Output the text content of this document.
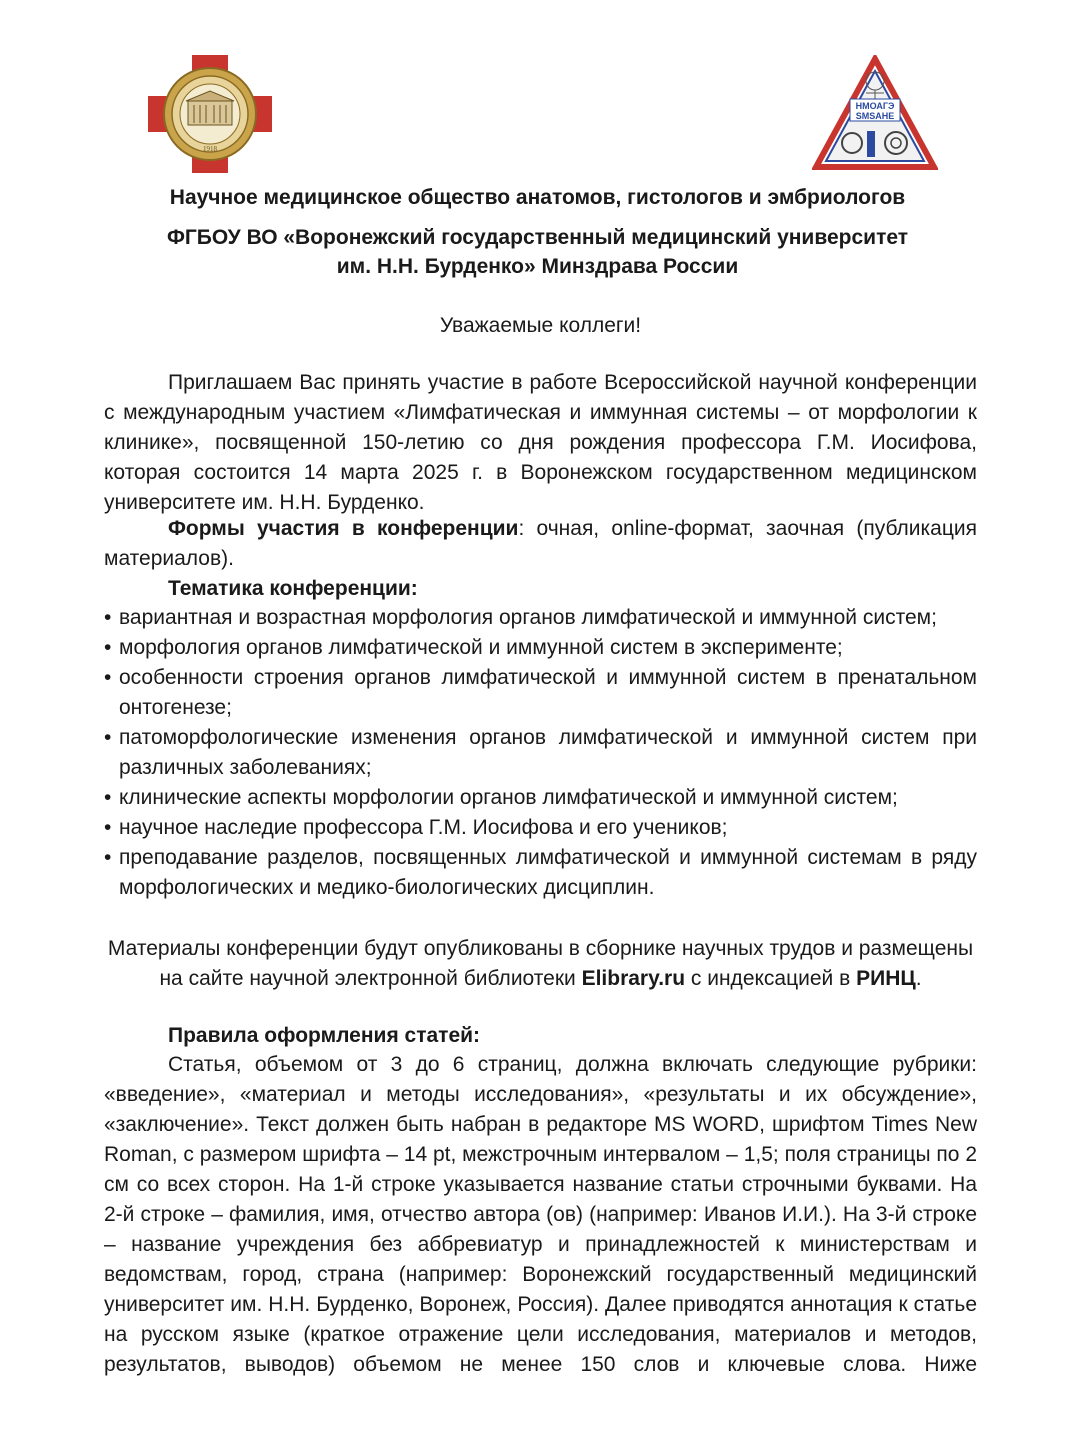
1918
НМОАГЭ
SMSAHE
Научное медицинское общество анатомов, гистологов и эмбриологов
ФГБОУ ВО «Воронежский государственный медицинский университет
им. Н.Н. Бурденко» Минздрава России
Уважаемые коллеги!
Приглашаем Вас принять участие в работе Всероссийской научной конференции с международным участием «Лимфатическая и иммунная системы – от морфологии к клинике», посвященной 150-летию со дня рождения профессора Г.М. Иосифова, которая состоится 14 марта 2025 г. в Воронежском государственном медицинском университете им. Н.Н. Бурденко.
Формы участия в конференции: очная, online-формат, заочная (публикация материалов).
Тематика конференции:
• вариантная и возрастная морфология органов лимфатической и иммунной систем;
• морфология органов лимфатической и иммунной систем в эксперименте;
• особенности строения органов лимфатической и иммунной систем в пренатальном онтогенезе;
• патоморфологические изменения органов лимфатической и иммунной систем при различных заболеваниях;
• клинические аспекты морфологии органов лимфатической и иммунной систем;
• научное наследие профессора Г.М. Иосифова и его учеников;
• преподавание разделов, посвященных лимфатической и иммунной системам в ряду морфологических и медико-биологических дисциплин.
Материалы конференции будут опубликованы в сборнике научных трудов и размещены
на сайте научной электронной библиотеки Elibrary.ru с индексацией в РИНЦ.
Правила оформления статей:
Статья, объемом от 3 до 6 страниц, должна включать следующие рубрики: «введение», «материал и методы исследования», «результаты и их обсуждение», «заключение». Текст должен быть набран в редакторе MS WORD, шрифтом Times New Roman, с размером шрифта – 14 pt, межстрочным интервалом – 1,5; поля страницы по 2 см со всех сторон. На 1-й строке указывается название статьи строчными буквами. На 2-й строке – фамилия, имя, отчество автора (ов) (например: Иванов И.И.). На 3-й строке – название учреждения без аббревиатур и принадлежностей к министерствам и ведомствам, город, страна (например: Воронежский государственный медицинский университет им. Н.Н. Бурденко, Воронеж, Россия). Далее приводятся аннотация к статье на русском языке (краткое отражение цели исследования, материалов и методов, результатов, выводов) объемом не менее 150 слов и ключевые слова. Ниже
